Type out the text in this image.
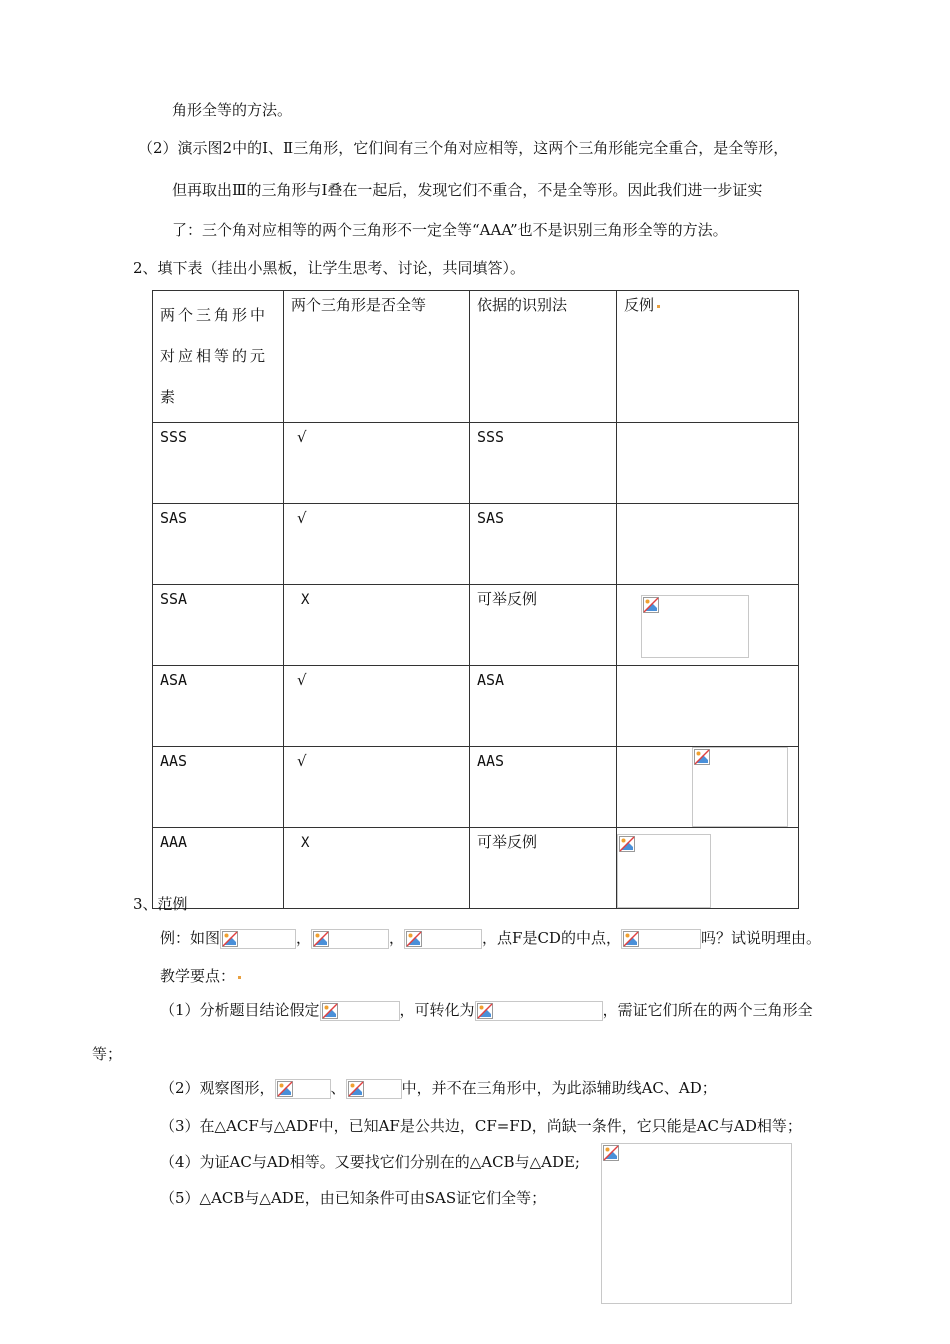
角形全等的方法。
（2）演示图2中的Ⅰ、Ⅱ三角形，它们间有三个角对应相等，这两个三角形能完全重合，是全等形，
但再取出Ⅲ的三角形与Ⅰ叠在一起后，发现它们不重合，不是全等形。因此我们进一步证实
了：三个角对应相等的两个三角形不一定全等“AAA”也不是识别三角形全等的方法。
2、填下表（挂出小黑板，让学生思考、讨论，共同填答）。
两个三角形中对应相等的元素	两个三角形是否全等	依据的识别法	反例
SSS	√	SSS	
SAS	√	SAS	
SSA	X	可举反例	

ASA	√	ASA	
AAS	√	AAS	

AAA	X	可举反例	
3、范例
例：如图	，	，	，点F是CD的中点，	吗？试说明理由。
教学要点：
（1）分析题目结论假定	，可转化为	，需证它们所在的两个三角形全
等；
（2）观察图形，	、	中，并不在三角形中，为此添辅助线AC、AD；
（3）在△ACF与△ADF中，已知AF是公共边，CF=FD，尚缺一条件，它只能是AC与AD相等；
（4）为证AC与AD相等。又要找它们分别在的△ACB与△ADE;
（5）△ACB与△ADE，由已知条件可由SAS证它们全等；
